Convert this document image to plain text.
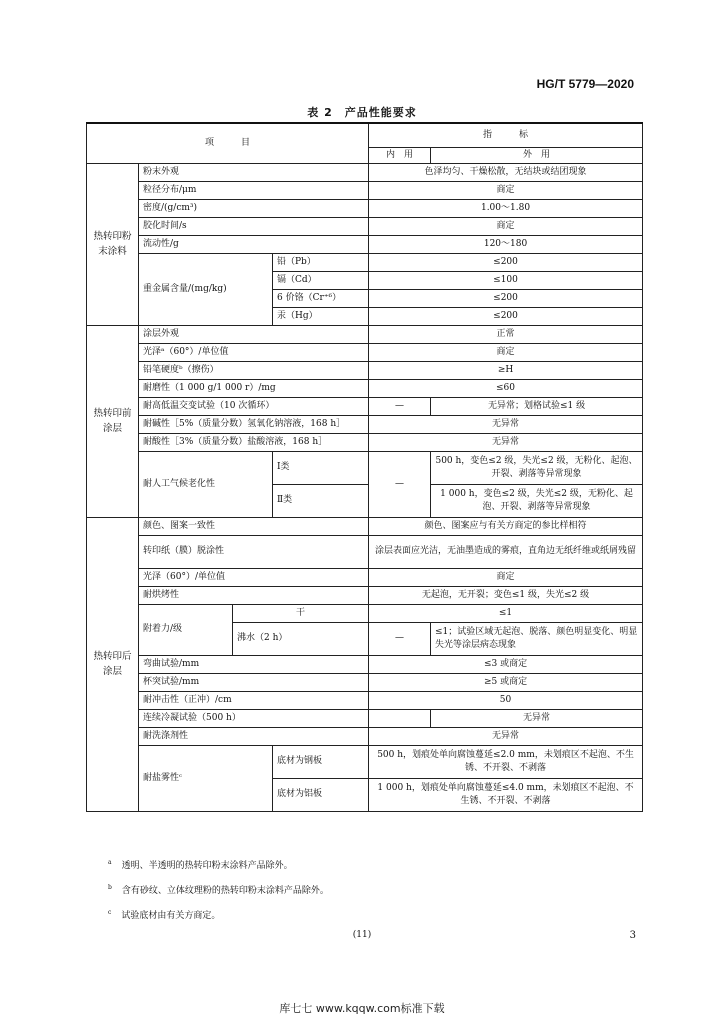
HG/T 5779—2020
表 2　产品性能要求
项　　　目				指　　　标	
				内　用	外　用
热转印粉末涂料	粉末外观			色泽均匀、干燥松散，无结块或结团现象	
	粒径分布/μm			商定	
	密度/(g/cm³)			1.00～1.80	
	胶化时间/s			商定	
	流动性/g			120～180	
	重金属含量/(mg/kg)		铅（Pb）	≤200	
			镉（Cd）	≤100	
			6 价铬（Cr⁺⁶）	≤200	
			汞（Hg）	≤200	
热转印前涂层	涂层外观			正常	
	光泽ᵃ（60°）/单位值			商定	
	铅笔硬度ᵇ（擦伤）			≥H	
	耐磨性（1 000 g/1 000 r）/mg			≤60	
	耐高低温交变试验（10 次循环）			—	无异常；划格试验≤1 级
	耐碱性［5%（质量分数）氢氧化钠溶液，168 h］			无异常	
	耐酸性［3%（质量分数）盐酸溶液，168 h］			无异常	
	耐人工气候老化性		Ⅰ类	—	500 h，变色≤2 级，失光≤2 级，无粉化、起泡、开裂、剥落等异常现象
			Ⅱ类		1 000 h，变色≤2 级，失光≤2 级，无粉化、起泡、开裂、剥落等异常现象
热转印后涂层	颜色、图案一致性			颜色、图案应与有关方商定的参比样相符	
	转印纸（膜）脱涂性			涂层表面应光洁，无油墨造成的雾痕，直角边无纸纤维或纸屑残留	
	光泽（60°）/单位值			商定	
	耐烘烤性			无起泡，无开裂；变色≤1 级，失光≤2 级	
	附着力/级	干		≤1	
		沸水（2 h）		—	≤1；试验区域无起泡、脱落、颜色明显变化、明显失光等涂层病态现象
	弯曲试验/mm			≤3 或商定	
	杯突试验/mm			≥5 或商定	
	耐冲击性（正冲）/cm			50	
	连续冷凝试验（500 h）				无异常
	耐洗涤剂性			无异常	
	耐盐雾性ᶜ		底材为钢板	500 h，划痕处单向腐蚀蔓延≤2.0 mm，未划痕区不起泡、不生锈、不开裂、不剥落	
			底材为铝板	1 000 h，划痕处单向腐蚀蔓延≤4.0 mm，未划痕区不起泡、不生锈、不开裂、不剥落	
$^a$ 透明、半透明的热转印粉末涂料产品除外。
$^b$ 含有砂纹、立体纹理粉的热转印粉末涂料产品除外。
$^c$ 试验底材由有关方商定。
(11)	3
库七七 www.kqqw.com标准下载
